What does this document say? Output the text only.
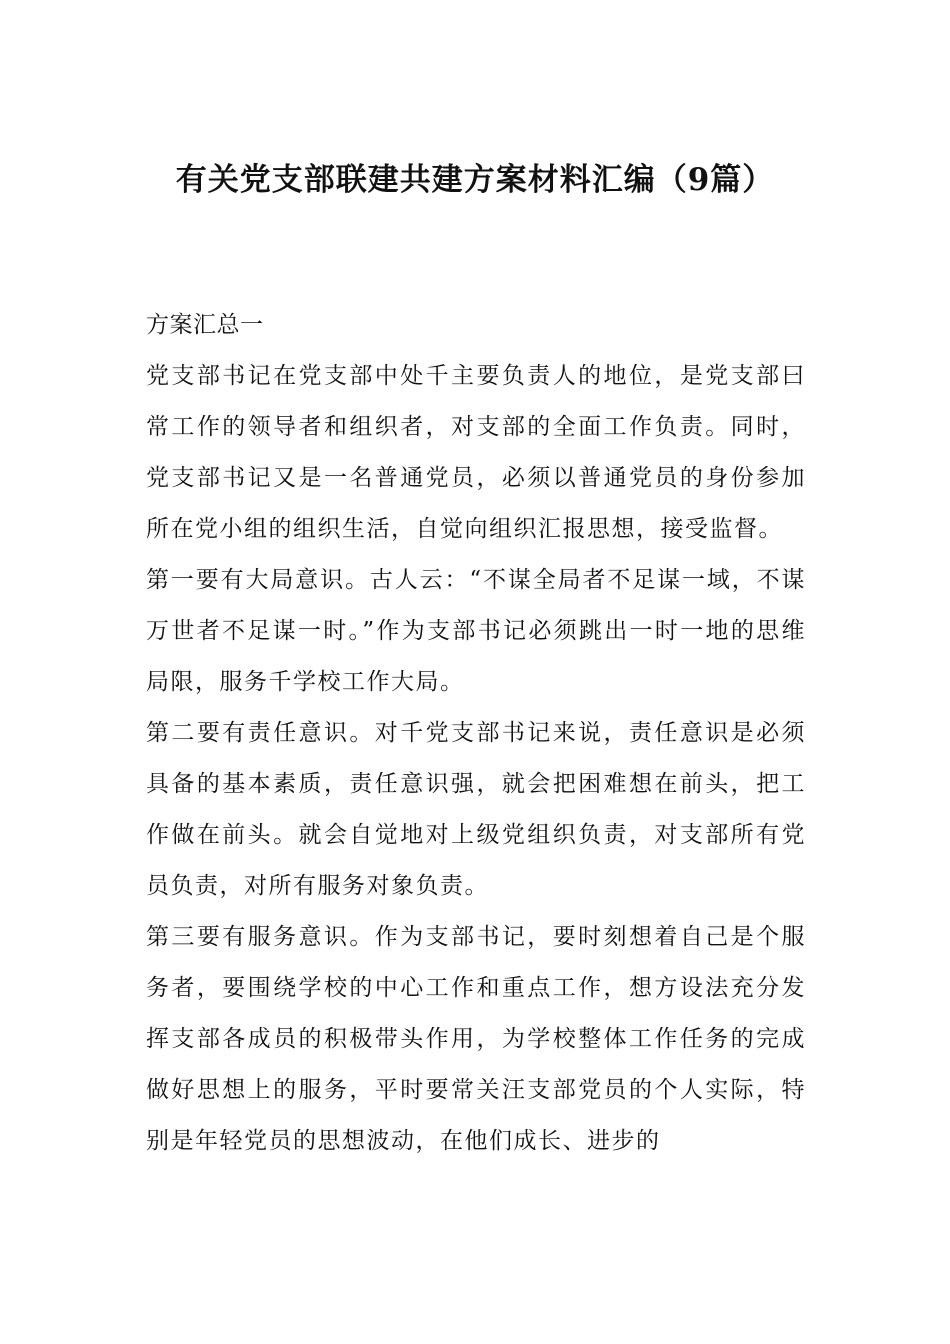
有关党支部联建共建方案材料汇编（9篇）

方案汇总一

党支部书记在党支部中处千主要负责人的地位，是党支部曰常工作的领导者和组织者，对支部的全面工作负责。同时，党支部书记又是一名普通党员，必须以普通党员的身份参加所在党小组的组织生活，自觉向组织汇报思想，接受监督。

第一要有大局意识。古人云：“不谋全局者不足谋一域，不谋万世者不足谋一时。”作为支部书记必须跳出一时一地的思维局限，服务千学校工作大局。

第二要有责任意识。对千党支部书记来说，责任意识是必须具备的基本素质，责任意识强，就会把困难想在前头，把工作做在前头。就会自觉地对上级党组织负责，对支部所有党员负责，对所有服务对象负责。

第三要有服务意识。作为支部书记，要时刻想着自己是个服务者，要围绕学校的中心工作和重点工作，想方设法充分发挥支部各成员的积极带头作用，为学校整体工作任务的完成做好思想上的服务，平时要常关汪支部党员的个人实际，特别是年轻党员的思想波动，在他们成长、进步的
